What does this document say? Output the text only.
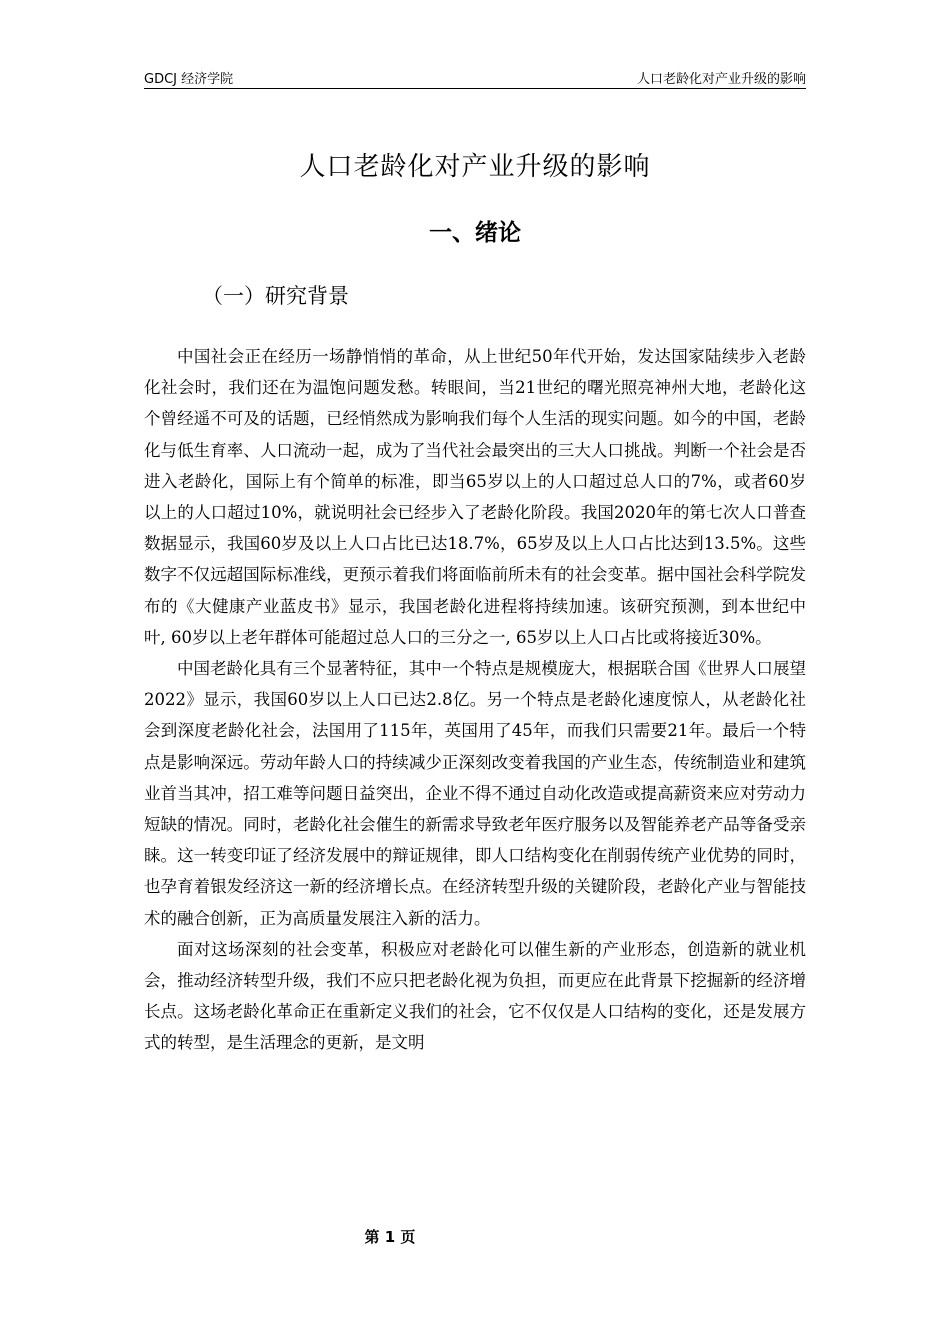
GDCJ 经济学院	人口老龄化对产业升级的影响
人口老龄化对产业升级的影响
一、绪论
（一）研究背景

中国社会正在经历一场静悄悄的革命，从上世纪50年代开始，发达国家陆续步入老龄化社会时，我们还在为温饱问题发愁。转眼间，当21世纪的曙光照亮神州大地，老龄化这个曾经遥不可及的话题，已经悄然成为影响我们每个人生活的现实问题。如今的中国，老龄化与低生育率、人口流动一起，成为了当代社会最突出的三大人口挑战。判断一个社会是否进入老龄化，国际上有个简单的标准，即当65岁以上的人口超过总人口的7%，或者60岁以上的人口超过10%，就说明社会已经步入了老龄化阶段。我国2020年的第七次人口普查数据显示，我国60岁及以上人口占比已达18.7%，65岁及以上人口占比达到13.5%。这些数字不仅远超国际标准线，更预示着我们将面临前所未有的社会变革。据中国社会科学院发布的《大健康产业蓝皮书》显示，我国老龄化进程将持续加速。该研究预测，到本世纪中叶, 60岁以上老年群体可能超过总人口的三分之一, 65岁以上人口占比或将接近30%。

中国老龄化具有三个显著特征，其中一个特点是规模庞大，根据联合国《世界人口展望2022》显示，我国60岁以上人口已达2.8亿。另一个特点是老龄化速度惊人，从老龄化社会到深度老龄化社会，法国用了115年，英国用了45年，而我们只需要21年。最后一个特点是影响深远。劳动年龄人口的持续减少正深刻改变着我国的产业生态，传统制造业和建筑业首当其冲，招工难等问题日益突出，企业不得不通过自动化改造或提高薪资来应对劳动力短缺的情况。同时，老龄化社会催生的新需求导致老年医疗服务以及智能养老产品等备受亲睐。这一转变印证了经济发展中的辩证规律，即人口结构变化在削弱传统产业优势的同时，也孕育着银发经济这一新的经济增长点。在经济转型升级的关键阶段，老龄化产业与智能技术的融合创新，正为高质量发展注入新的活力。

面对这场深刻的社会变革，积极应对老龄化可以催生新的产业形态，创造新的就业机会，推动经济转型升级，我们不应只把老龄化视为负担，而更应在此背景下挖掘新的经济增长点。这场老龄化革命正在重新定义我们的社会，它不仅仅是人口结构的变化，还是发展方式的转型，是生活理念的更新，是文明

第 1 页
